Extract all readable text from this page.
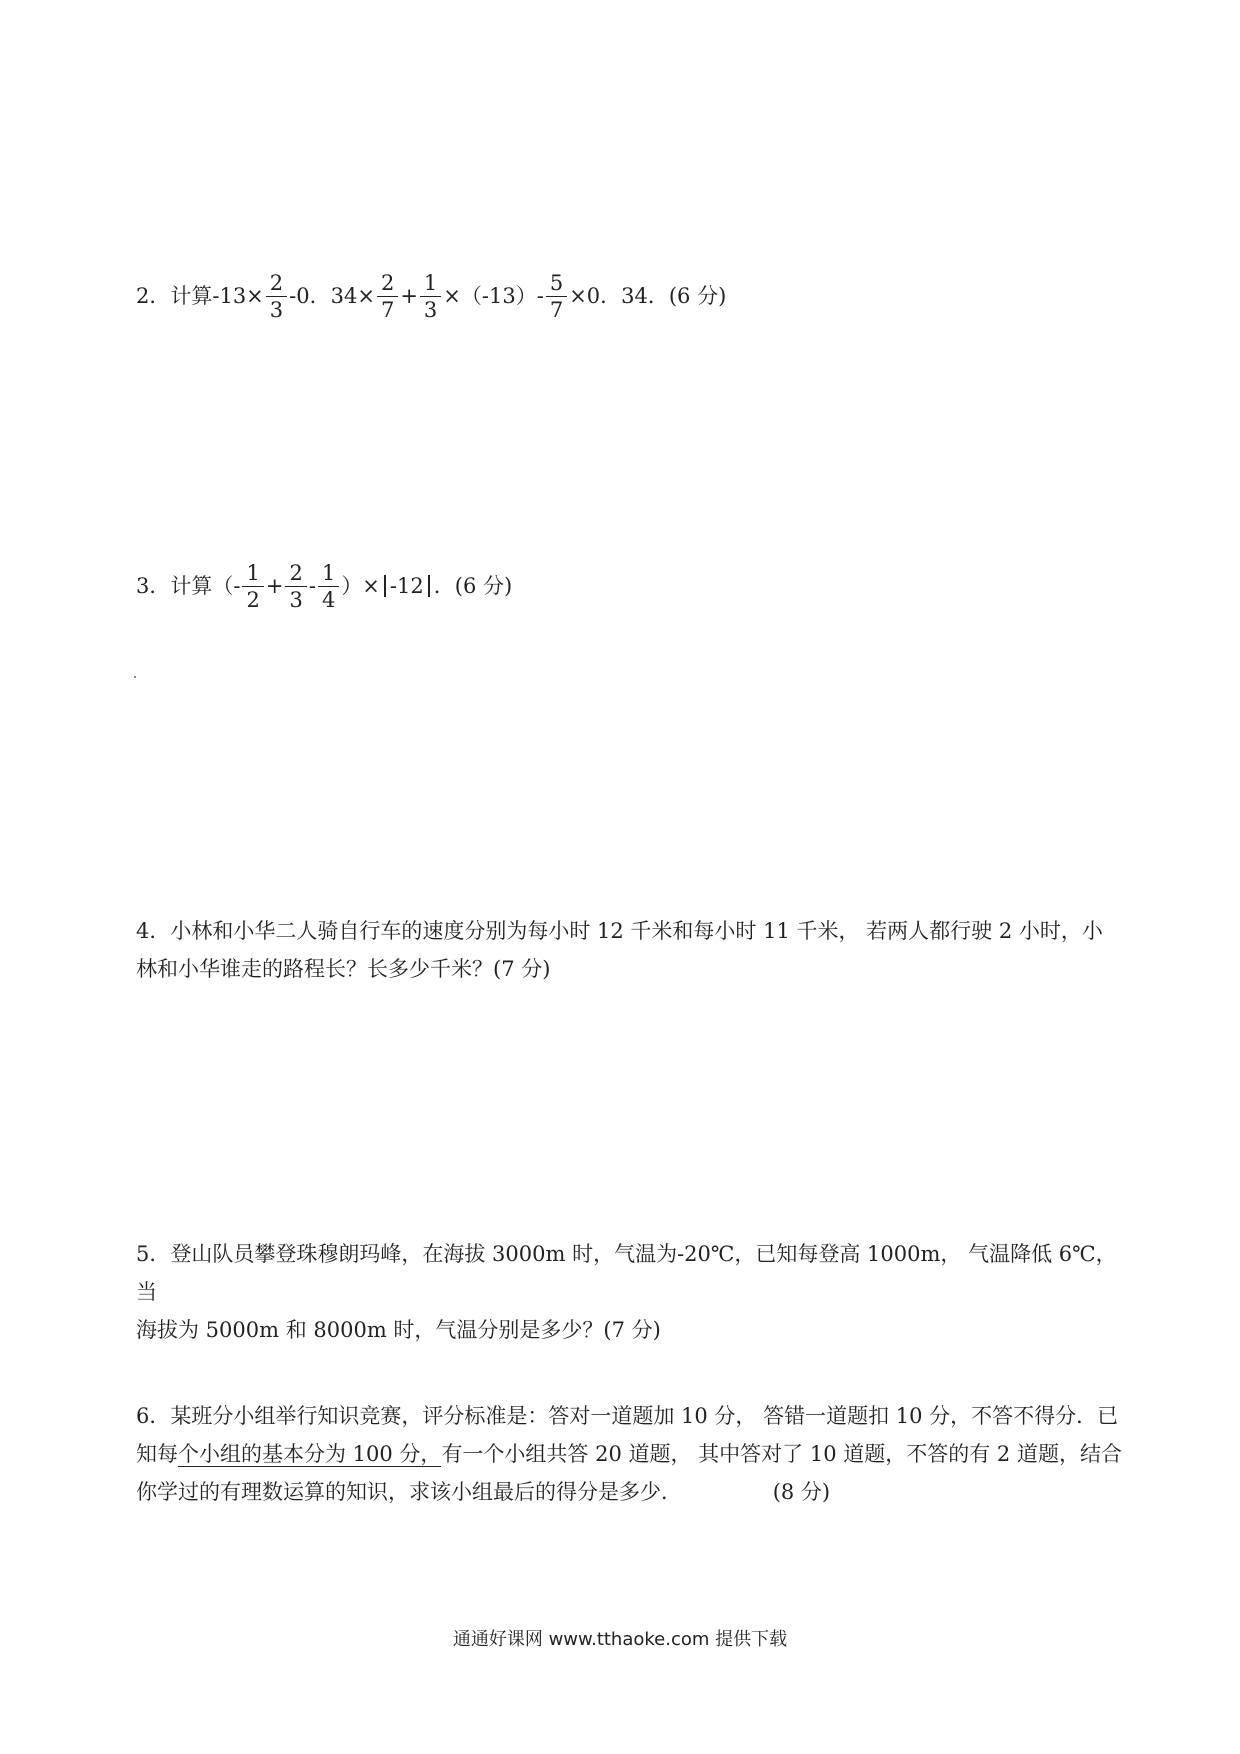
2．计算$-13\times \frac{2}{3} -0$．$34\times \frac{2}{7} + \frac{1}{3} \times(-13)- \frac{5}{7} \times 0$．34．(6 分)
3．计算（- $\frac{1}{2} + \frac{2}{3} - \frac{1}{4}$ ）× -12 ．(6 分)
4．小林和小华二人骑自行车的速度分别为每小时 12 千米和每小时 11 千米， 若两人都行驶 2 小时，小
林和小华谁走的路程长？长多少千米？(7 分)
5．登山队员攀登珠穆朗玛峰，在海拔 3000m 时，气温为-20℃，已知每登高 1000m， 气温降低 6℃，当
海拔为 5000m 和 8000m 时，气温分别是多少？(7 分)
6．某班分小组举行知识竞赛，评分标准是：答对一道题加 10 分， 答错一道题扣 10 分，不答不得分．已
知每个小组的基本分为 100 分，有一个小组共答 20 道题， 其中答对了 10 道题，不答的有 2 道题，结合
你学过的有理数运算的知识，求该小组最后的得分是多少．	(8 分)
通通好课网 www.tthaoke.com 提供下载
